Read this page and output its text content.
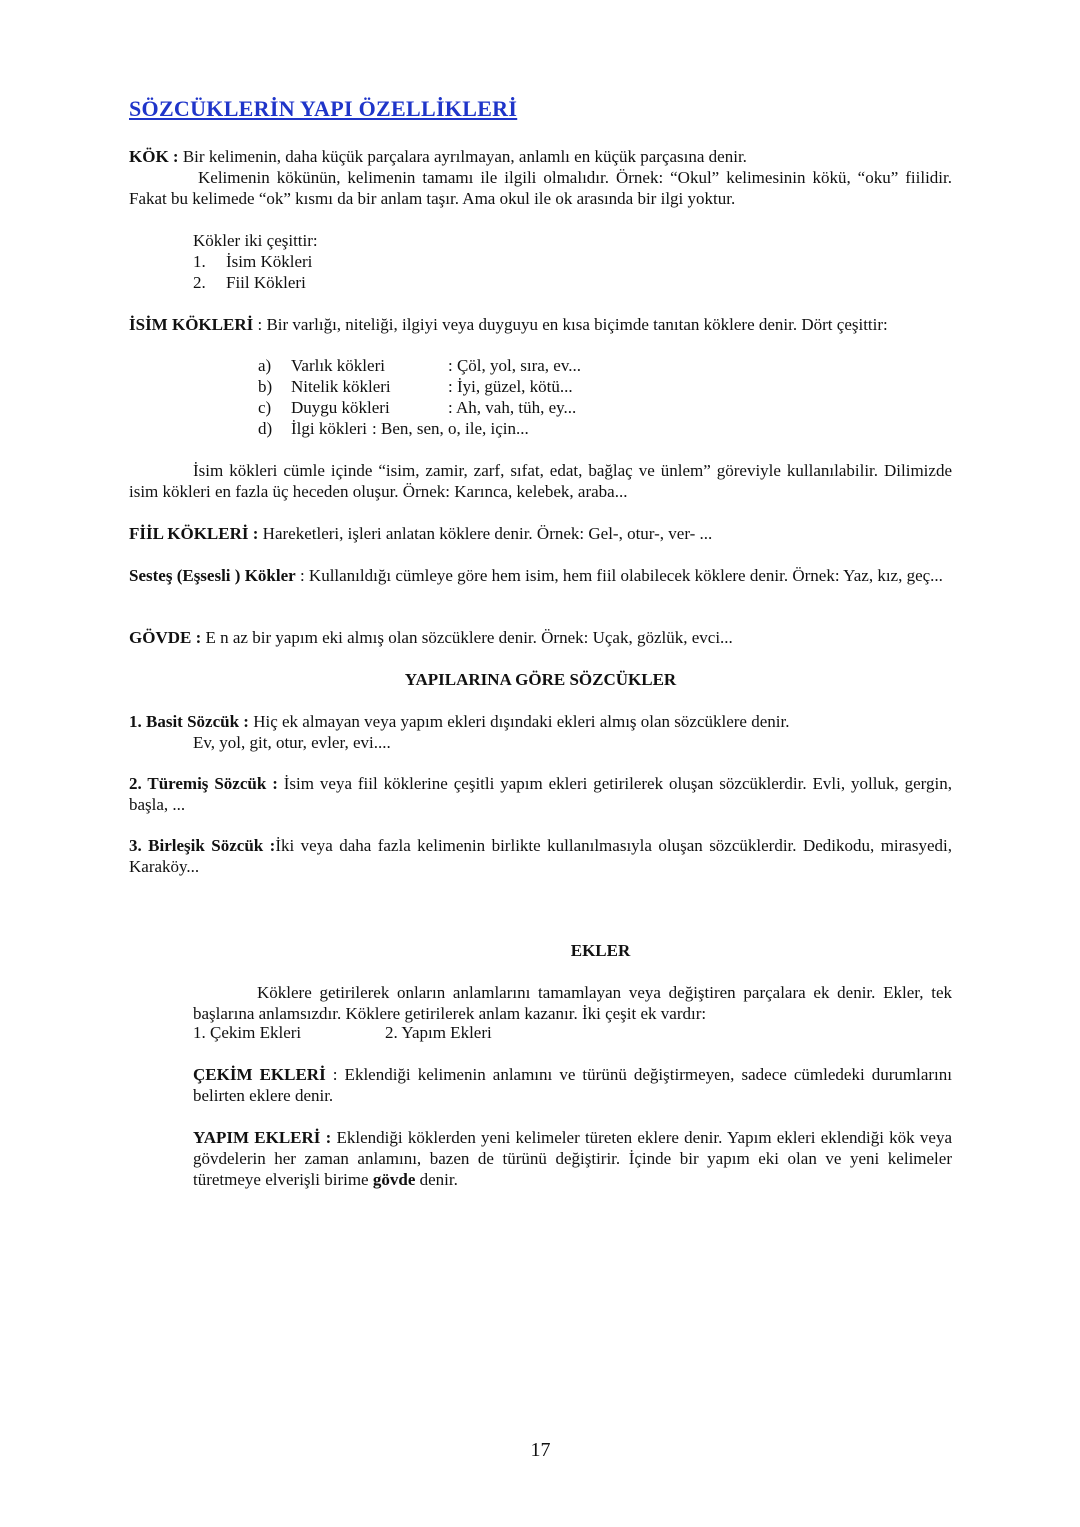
SÖZCÜKLERİN YAPI ÖZELLİKLERİ
KÖK : Bir kelimenin, daha küçük parçalara ayrılmayan, anlamlı en küçük parçasına denir.
Kelimenin kökünün, kelimenin tamamı ile ilgili olmalıdır. Örnek: “Okul” kelimesinin kökü, “oku” fiilidir. Fakat bu kelimede “ok” kısmı da bir anlam taşır. Ama okul ile ok arasında bir ilgi yoktur.
Kökler iki çeşittir:
1.	İsim Kökleri
2.	Fiil Kökleri
İSİM KÖKLERİ : Bir varlığı, niteliği, ilgiyi veya duyguyu en kısa biçimde tanıtan köklere denir. Dört çeşittir:
a)	Varlık kökleri	: Çöl, yol, sıra, ev...
b)	Nitelik kökleri	: İyi, güzel, kötü...
c)	Duygu kökleri	: Ah, vah, tüh, ey...
d)	İlgi kökleri : Ben, sen, o, ile, için...
İsim kökleri cümle içinde “isim, zamir, zarf, sıfat, edat, bağlaç ve ünlem” göreviyle kullanılabilir. Dilimizde isim kökleri en fazla üç heceden oluşur. Örnek: Karınca, kelebek, araba...
FİİL KÖKLERİ : Hareketleri, işleri anlatan köklere denir. Örnek: Gel-, otur-, ver- ...
Sesteş (Eşsesli ) Kökler : Kullanıldığı cümleye göre hem isim, hem fiil olabilecek köklere denir. Örnek: Yaz, kız, geç...
GÖVDE : E n az bir yapım eki almış olan sözcüklere denir. Örnek: Uçak, gözlük, evci...
YAPILARINA GÖRE SÖZCÜKLER
1. Basit Sözcük : Hiç ek almayan veya yapım ekleri dışındaki ekleri almış olan sözcüklere denir.
Ev, yol, git, otur, evler, evi....
2. Türemiş Sözcük : İsim veya fiil köklerine çeşitli yapım ekleri getirilerek oluşan sözcüklerdir. Evli, yolluk, gergin, başla, ...
3. Birleşik Sözcük :İki veya daha fazla kelimenin birlikte kullanılmasıyla oluşan sözcüklerdir. Dedikodu, mirasyedi, Karaköy...
EKLER
Köklere getirilerek onların anlamlarını tamamlayan veya değiştiren parçalara ek denir. Ekler, tek başlarına anlamsızdır. Köklere getirilerek anlam kazanır. İki çeşit ek vardır:
1. Çekim Ekleri	2. Yapım Ekleri
ÇEKİM EKLERİ : Eklendiği kelimenin anlamını ve türünü değiştirmeyen, sadece cümledeki durumlarını belirten eklere denir.
YAPIM EKLERİ : Eklendiği köklerden yeni kelimeler türeten eklere denir. Yapım ekleri eklendiği kök veya gövdelerin her zaman anlamını, bazen de türünü değiştirir. İçinde bir yapım eki olan ve yeni kelimeler türetmeye elverişli birime gövde denir.
17
